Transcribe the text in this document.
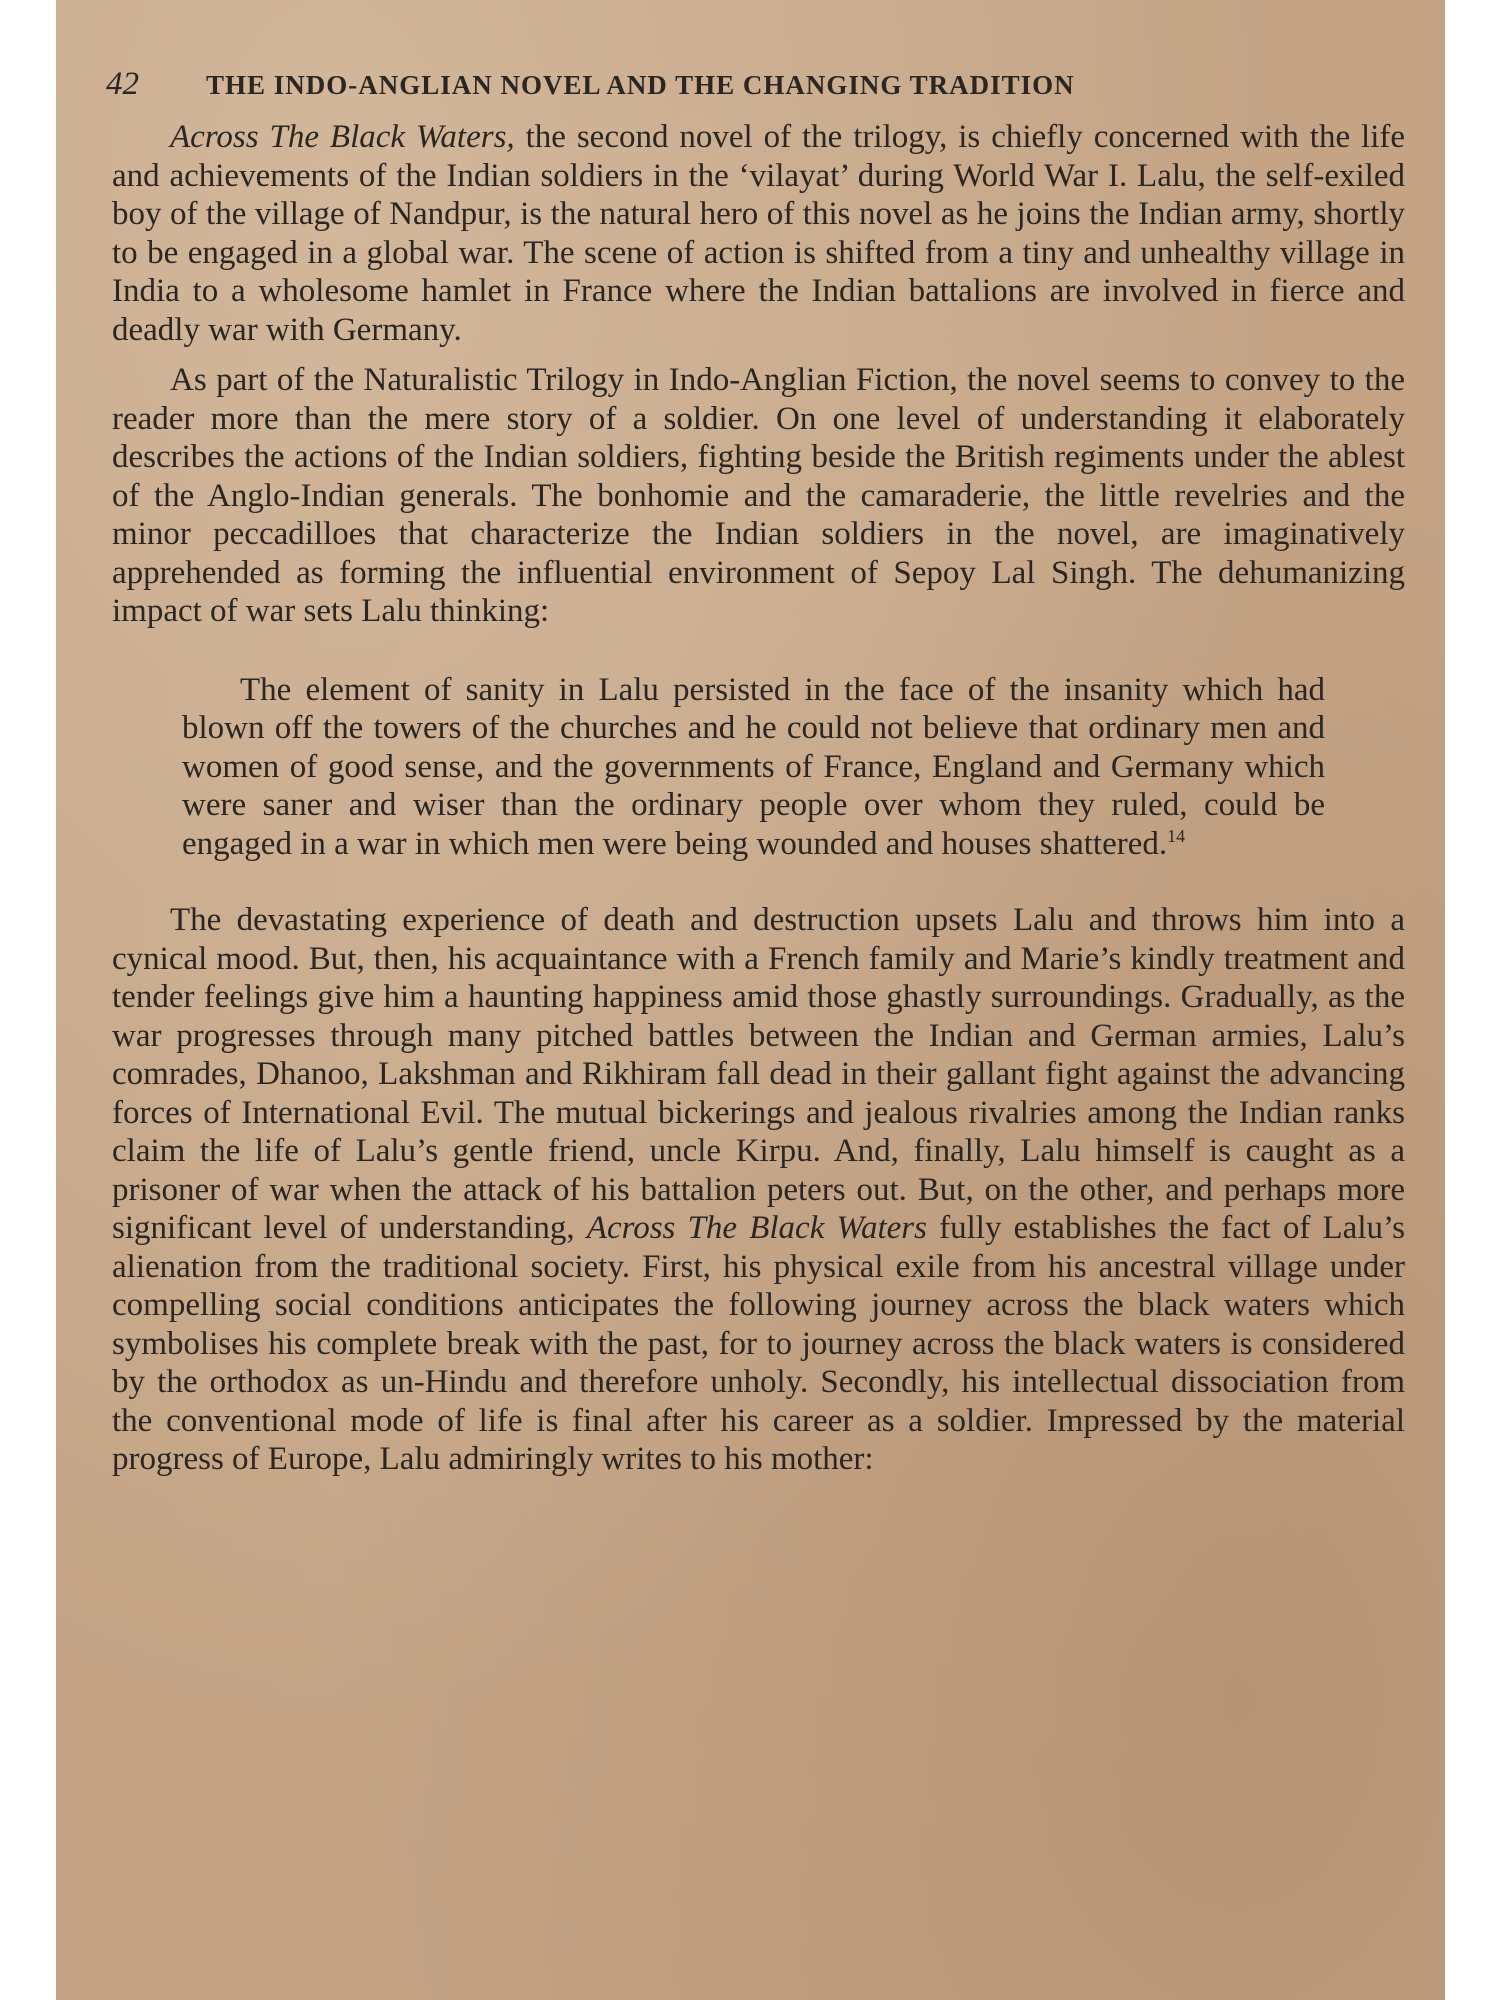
42	THE INDO-ANGLIAN NOVEL AND THE CHANGING TRADITION

Across The Black Waters, the second novel of the trilogy, is chiefly concerned with the life and achievements of the Indian soldiers in the ‘vilayat’ during World War I. Lalu, the self-exiled boy of the village of Nandpur, is the natural hero of this novel as he joins the Indian army, shortly to be engaged in a global war. The scene of action is shifted from a tiny and unhealthy village in India to a wholesome hamlet in France where the Indian battalions are involved in fierce and deadly war with Germany.

As part of the Naturalistic Trilogy in Indo-Anglian Fiction, the novel seems to convey to the reader more than the mere story of a soldier. On one level of understanding it elaborately describes the actions of the Indian soldiers, fighting beside the British regiments under the ablest of the Anglo-Indian generals. The bonhomie and the camaraderie, the little revelries and the minor peccadilloes that characterize the Indian soldiers in the novel, are imaginatively apprehended as forming the influential environment of Sepoy Lal Singh. The dehumanizing impact of war sets Lalu thinking:

The element of sanity in Lalu persisted in the face of the insanity which had blown off the towers of the churches and he could not believe that ordinary men and women of good sense, and the governments of France, England and Germany which were saner and wiser than the ordinary people over whom they ruled, could be engaged in a war in which men were being wounded and houses shattered.$^{14}$

The devastating experience of death and destruction upsets Lalu and throws him into a cynical mood. But, then, his acquaintance with a French family and Marie’s kindly treatment and tender feelings give him a haunting happiness amid those ghastly surroundings. Gradually, as the war progresses through many pitched battles between the Indian and German armies, Lalu’s comrades, Dhanoo, Lakshman and Rikhiram fall dead in their gallant fight against the advancing forces of International Evil. The mutual bickerings and jealous rivalries among the Indian ranks claim the life of Lalu’s gentle friend, uncle Kirpu. And, finally, Lalu himself is caught as a prisoner of war when the attack of his battalion peters out. But, on the other, and perhaps more significant level of understanding, Across The Black Waters fully establishes the fact of Lalu’s alienation from the traditional society. First, his physical exile from his ancestral village under compelling social conditions anticipates the following journey across the black waters which symbolises his complete break with the past, for to journey across the black waters is considered by the orthodox as un-Hindu and therefore unholy. Secondly, his intellectual dissociation from the conventional mode of life is final after his career as a soldier. Impressed by the material progress of Europe, Lalu admiringly writes to his mother:
